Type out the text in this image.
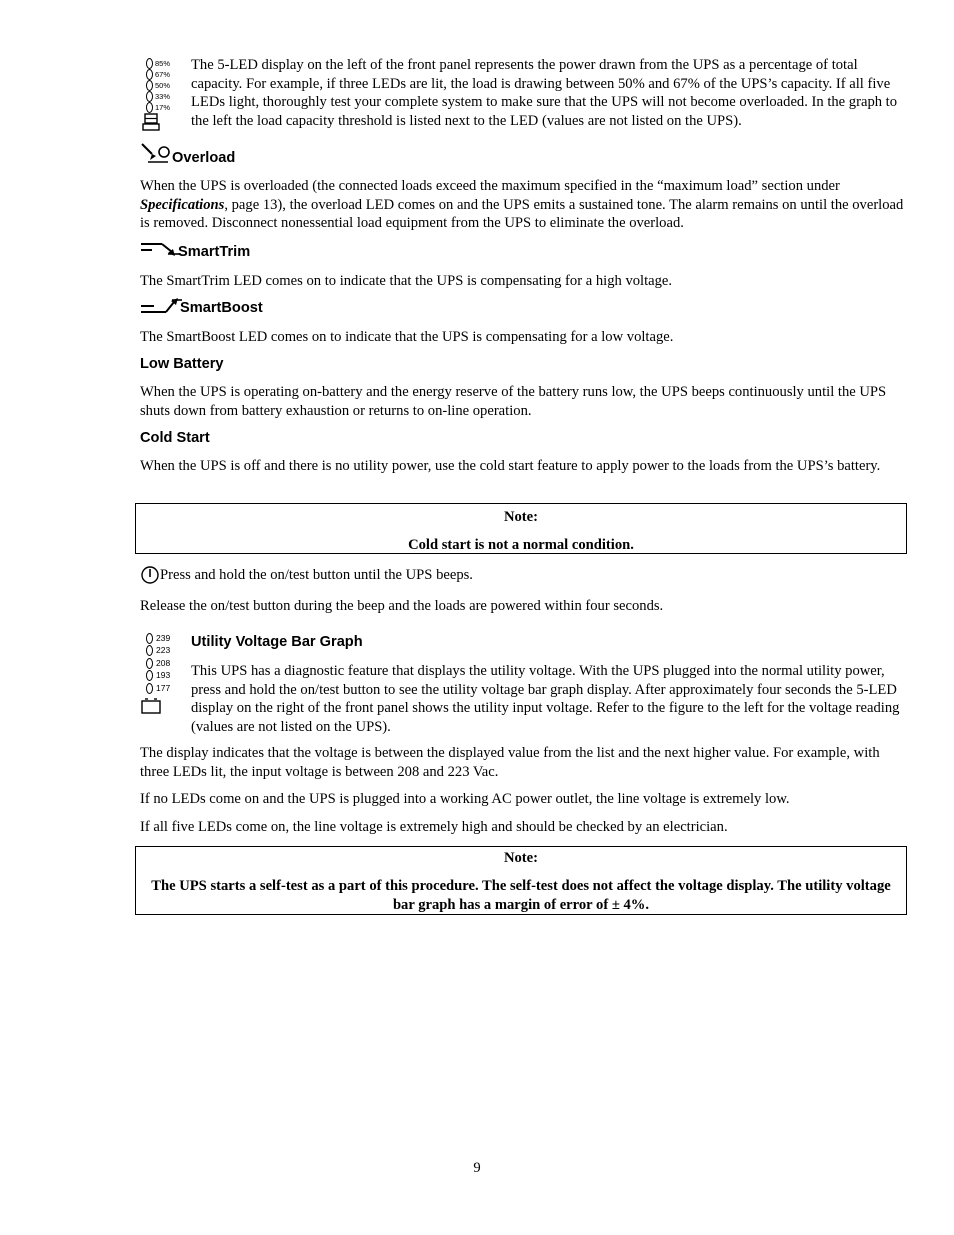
85%
67%
50%
33%
17%

The 5-LED display on the left of the front panel represents the power drawn from the UPS as a percentage of total capacity. For example, if three LEDs are lit, the load is drawing between 50% and 67% of the UPS’s capacity. If all five LEDs light, thoroughly test your complete system to make sure that the UPS will not become overloaded. In the graph to the left the load capacity threshold is listed next to the LED (values are not listed on the UPS).

Overload

When the UPS is overloaded (the connected loads exceed the maximum specified in the “maximum load” section under Specifications, page 13), the overload LED comes on and the UPS emits a sustained tone. The alarm remains on until the overload is removed. Disconnect nonessential load equipment from the UPS to eliminate the overload.

SmartTrim

The SmartTrim LED comes on to indicate that the UPS is compensating for a high voltage.

SmartBoost

The SmartBoost LED comes on to indicate that the UPS is compensating for a low voltage.

Low Battery

When the UPS is operating on-battery and the energy reserve of the battery runs low, the UPS beeps continuously until the UPS shuts down from battery exhaustion or returns to on-line operation.

Cold Start

When the UPS is off and there is no utility power, use the cold start feature to apply power to the loads from the UPS’s battery.

Note:
Cold start is not a normal condition.
Press and hold the on/test button until the UPS beeps.

Release the on/test button during the beep and the loads are powered within four seconds.

239
223
208
193
177
Utility Voltage Bar Graph

This UPS has a diagnostic feature that displays the utility voltage. With the UPS plugged into the normal utility power, press and hold the on/test button to see the utility voltage bar graph display. After approximately four seconds the 5-LED display on the right of the front panel shows the utility input voltage. Refer to the figure to the left for the voltage reading (values are not listed on the UPS).

The display indicates that the voltage is between the displayed value from the list and the next higher value. For example, with three LEDs lit, the input voltage is between 208 and 223 Vac.

If no LEDs come on and the UPS is plugged into a working AC power outlet, the line voltage is extremely low.

If all five LEDs come on, the line voltage is extremely high and should be checked by an electrician.

Note:
The UPS starts a self-test as a part of this procedure. The self-test does not affect the voltage display. The utility voltage bar graph has a margin of error of ± 4%.
9
